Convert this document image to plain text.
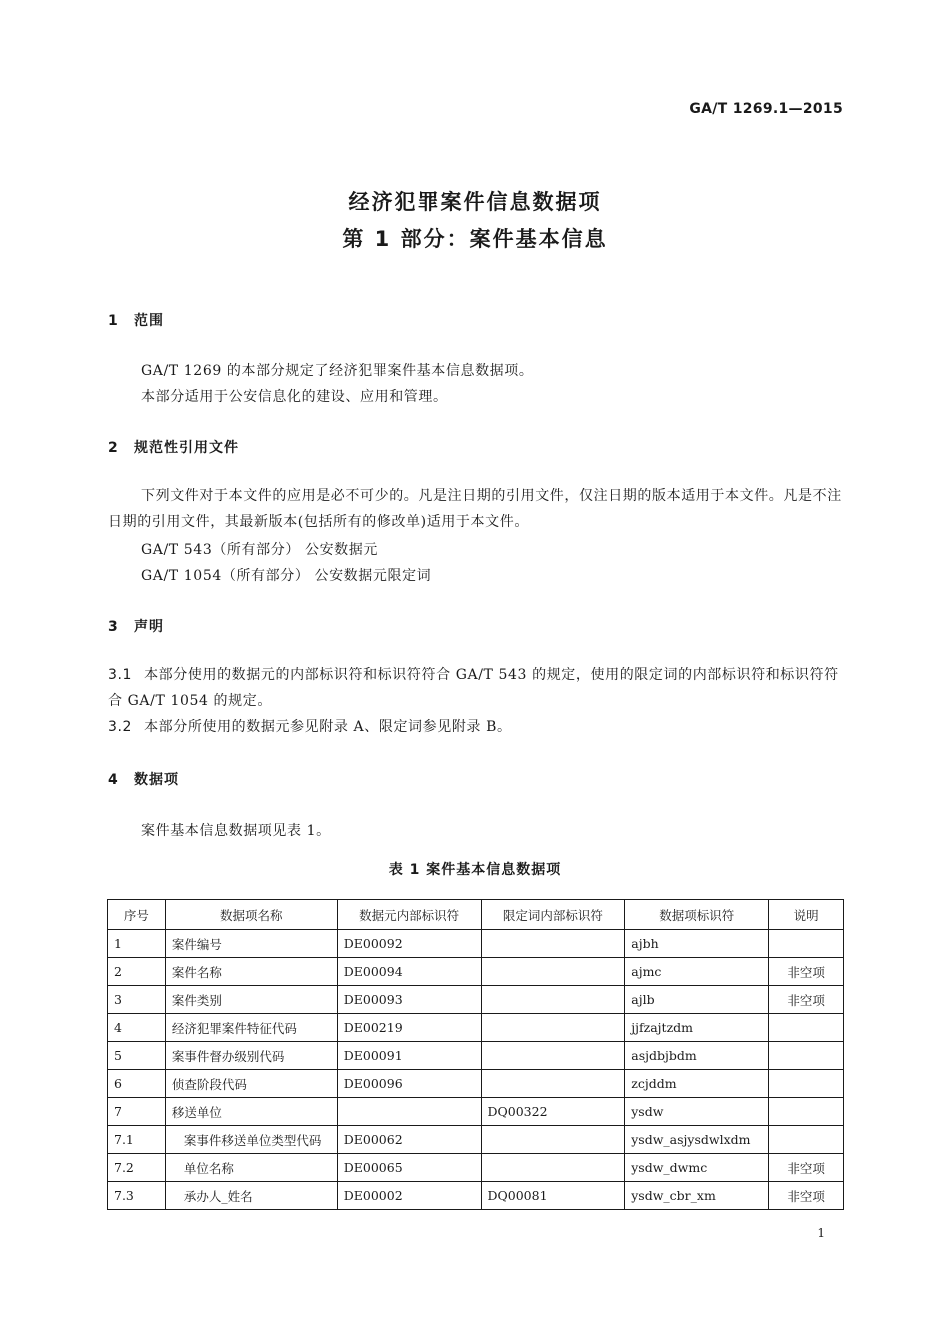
GA/T 1269.1—2015
经济犯罪案件信息数据项
第 1 部分：案件基本信息
1 范围
GA/T 1269 的本部分规定了经济犯罪案件基本信息数据项。
本部分适用于公安信息化的建设、应用和管理。
2 规范性引用文件
下列文件对于本文件的应用是必不可少的。凡是注日期的引用文件，仅注日期的版本适用于本文件。凡是不注日期的引用文件，其最新版本(包括所有的修改单)适用于本文件。
GA/T 543（所有部分） 公安数据元
GA/T 1054（所有部分） 公安数据元限定词
3 声明
3.1 本部分使用的数据元的内部标识符和标识符符合 GA/T 543 的规定，使用的限定词的内部标识符和标识符符合 GA/T 1054 的规定。
3.2 本部分所使用的数据元参见附录 A、限定词参见附录 B。
4 数据项
案件基本信息数据项见表 1。
表 1 案件基本信息数据项
序号	数据项名称	数据元内部标识符	限定词内部标识符	数据项标识符	说明
1	案件编号	DE00092		ajbh	
2	案件名称	DE00094		ajmc	非空项
3	案件类别	DE00093		ajlb	非空项
4	经济犯罪案件特征代码	DE00219		jjfzajtzdm	
5	案事件督办级别代码	DE00091		asjdbjbdm	
6	侦查阶段代码	DE00096		zcjddm	
7	移送单位		DQ00322	ysdw	
7.1	案事件移送单位类型代码	DE00062		ysdw_asjysdwlxdm	
7.2	单位名称	DE00065		ysdw_dwmc	非空项
7.3	承办人_姓名	DE00002	DQ00081	ysdw_cbr_xm	非空项
1
